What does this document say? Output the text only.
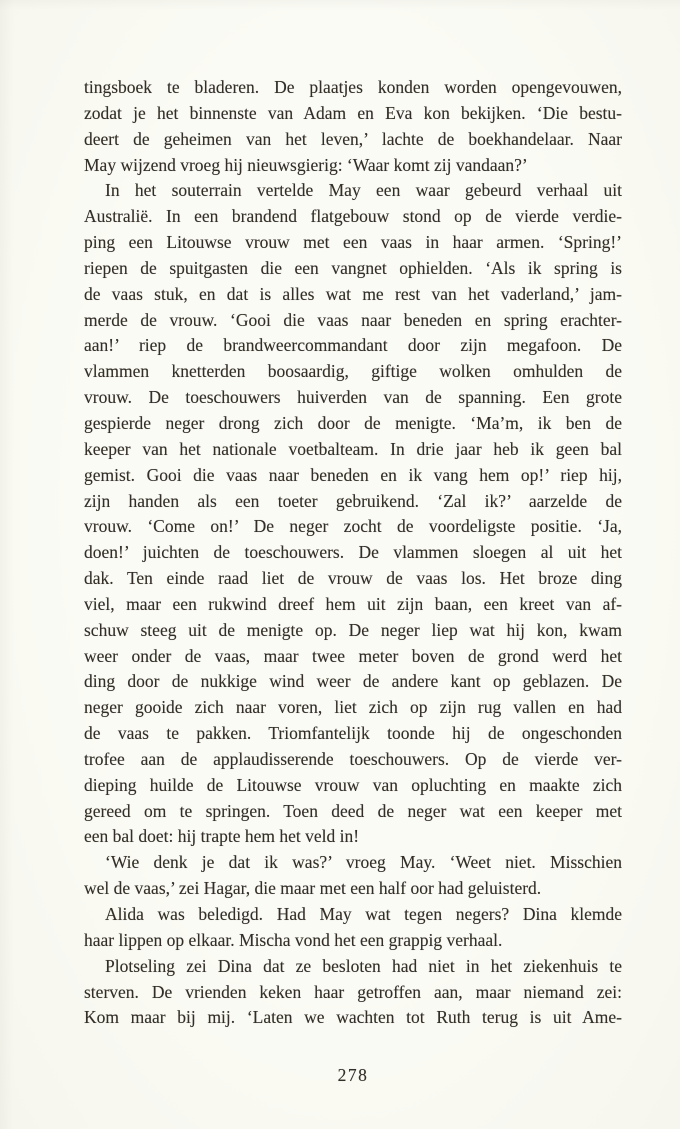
tingsboek te bladeren. De plaatjes konden worden opengevouwen,
zodat je het binnenste van Adam en Eva kon bekijken. ‘Die bestu-
deert de geheimen van het leven,’ lachte de boekhandelaar. Naar
May wijzend vroeg hij nieuwsgierig: ‘Waar komt zij vandaan?’
In het souterrain vertelde May een waar gebeurd verhaal uit
Australië. In een brandend flatgebouw stond op de vierde verdie-
ping een Litouwse vrouw met een vaas in haar armen. ‘Spring!’
riepen de spuitgasten die een vangnet ophielden. ‘Als ik spring is
de vaas stuk, en dat is alles wat me rest van het vaderland,’ jam-
merde de vrouw. ‘Gooi die vaas naar beneden en spring erachter-
aan!’ riep de brandweercommandant door zijn megafoon. De
vlammen knetterden boosaardig, giftige wolken omhulden de
vrouw. De toeschouwers huiverden van de spanning. Een grote
gespierde neger drong zich door de menigte. ‘Ma’m, ik ben de
keeper van het nationale voetbalteam. In drie jaar heb ik geen bal
gemist. Gooi die vaas naar beneden en ik vang hem op!’ riep hij,
zijn handen als een toeter gebruikend. ‘Zal ik?’ aarzelde de
vrouw. ‘Come on!’ De neger zocht de voordeligste positie. ‘Ja,
doen!’ juichten de toeschouwers. De vlammen sloegen al uit het
dak. Ten einde raad liet de vrouw de vaas los. Het broze ding
viel, maar een rukwind dreef hem uit zijn baan, een kreet van af-
schuw steeg uit de menigte op. De neger liep wat hij kon, kwam
weer onder de vaas, maar twee meter boven de grond werd het
ding door de nukkige wind weer de andere kant op geblazen. De
neger gooide zich naar voren, liet zich op zijn rug vallen en had
de vaas te pakken. Triomfantelijk toonde hij de ongeschonden
trofee aan de applaudisserende toeschouwers. Op de vierde ver-
dieping huilde de Litouwse vrouw van opluchting en maakte zich
gereed om te springen. Toen deed de neger wat een keeper met
een bal doet: hij trapte hem het veld in!
‘Wie denk je dat ik was?’ vroeg May. ‘Weet niet. Misschien
wel de vaas,’ zei Hagar, die maar met een half oor had geluisterd.
Alida was beledigd. Had May wat tegen negers? Dina klemde
haar lippen op elkaar. Mischa vond het een grappig verhaal.
Plotseling zei Dina dat ze besloten had niet in het ziekenhuis te
sterven. De vrienden keken haar getroffen aan, maar niemand zei:
Kom maar bij mij. ‘Laten we wachten tot Ruth terug is uit Ame-
278
